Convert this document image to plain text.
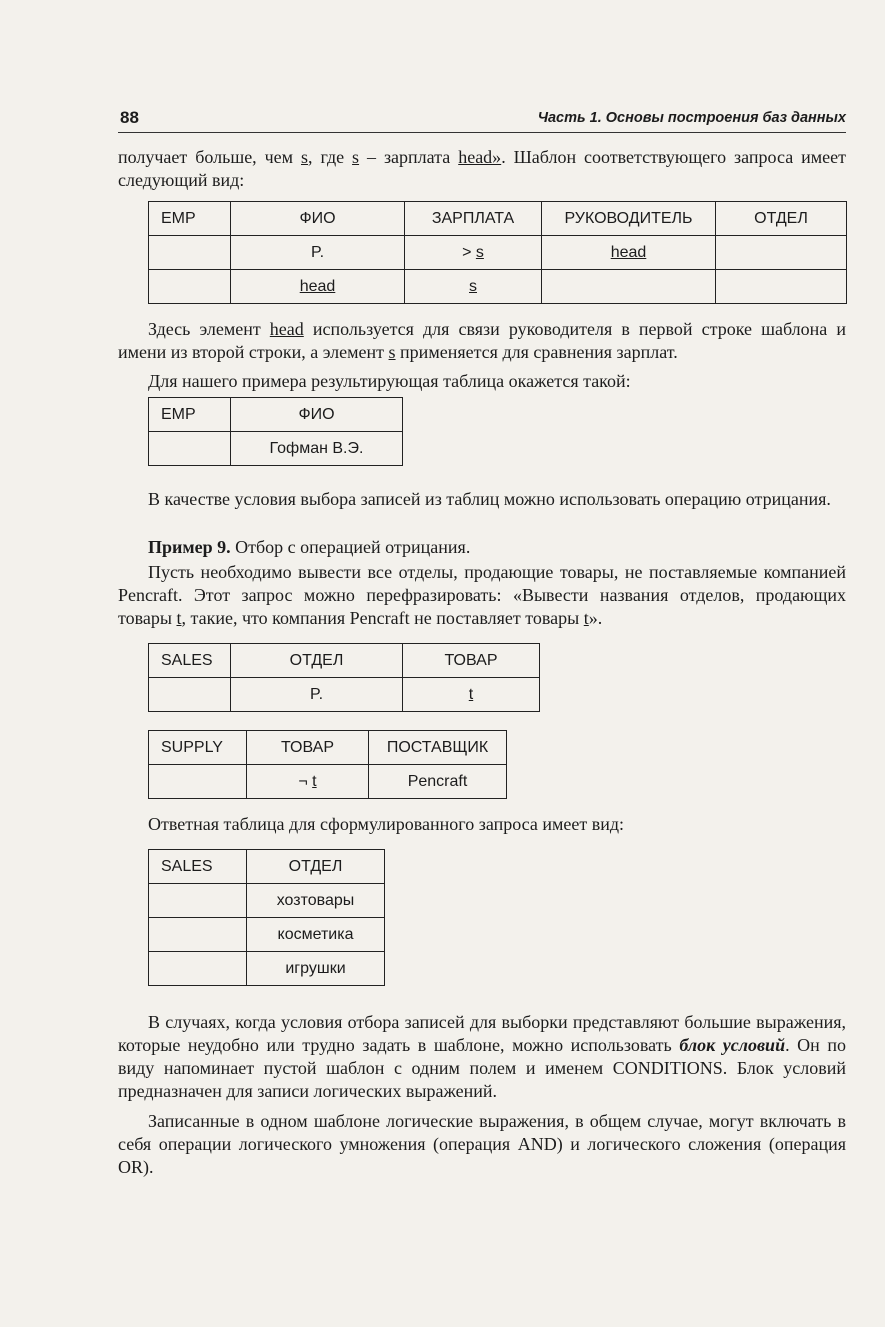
88	Часть 1. Основы построения баз данных
получает больше, чем s, где s – зарплата head». Шаблон соответствующего запроса имеет следующий вид:
EMP	ФИО	ЗАРПЛАТА	РУКОВОДИТЕЛЬ	ОТДЕЛ
	P.	> s	head	
	head	s		
Здесь элемент head используется для связи руководителя в первой строке шаблона и имени из второй строки, а элемент s применяется для сравнения зарплат.
Для нашего примера результирующая таблица окажется такой:
EMP	ФИО
	Гофман В.Э.
В качестве условия выбора записей из таблиц можно использовать операцию отрицания.
Пример 9. Отбор с операцией отрицания.
Пусть необходимо вывести все отделы, продающие товары, не поставляемые компанией Pencraft. Этот запрос можно перефразировать: «Вывести названия отделов, продающих товары t, такие, что компания Pencraft не поставляет товары t».
SALES	ОТДЕЛ	ТОВАР
	P.	t
SUPPLY	ТОВАР	ПОСТАВЩИК
	¬ t	Pencraft
Ответная таблица для сформулированного запроса имеет вид:
SALES	ОТДЕЛ
	хозтовары
	косметика
	игрушки
В случаях, когда условия отбора записей для выборки представляют большие выражения, которые неудобно или трудно задать в шаблоне, можно использовать блок условий. Он по виду напоминает пустой шаблон с одним полем и именем CONDITIONS. Блок условий предназначен для записи логических выражений.
Записанные в одном шаблоне логические выражения, в общем случае, могут включать в себя операции логического умножения (операция AND) и логического сложения (операция OR).
